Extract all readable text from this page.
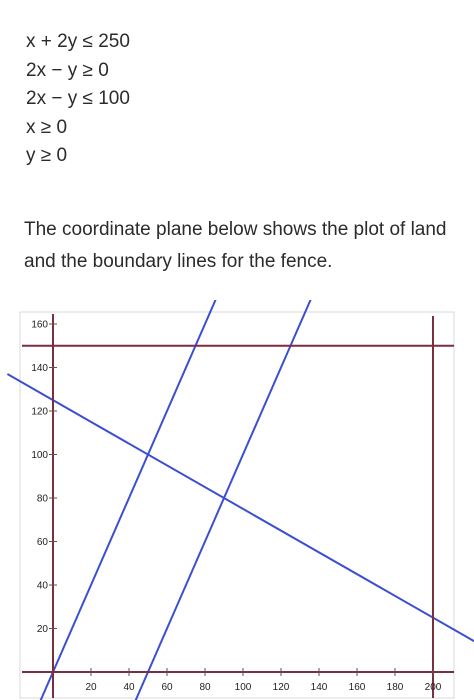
x + 2y ≤ 250
2x − y ≥ 0
2x − y ≤ 100
x ≥ 0
y ≥ 0
The coordinate plane below shows the plot of land and the boundary lines for the fence.
20	40	60	80 100 120 140 160 180 200
20
40
60
80
100
120
140
160
